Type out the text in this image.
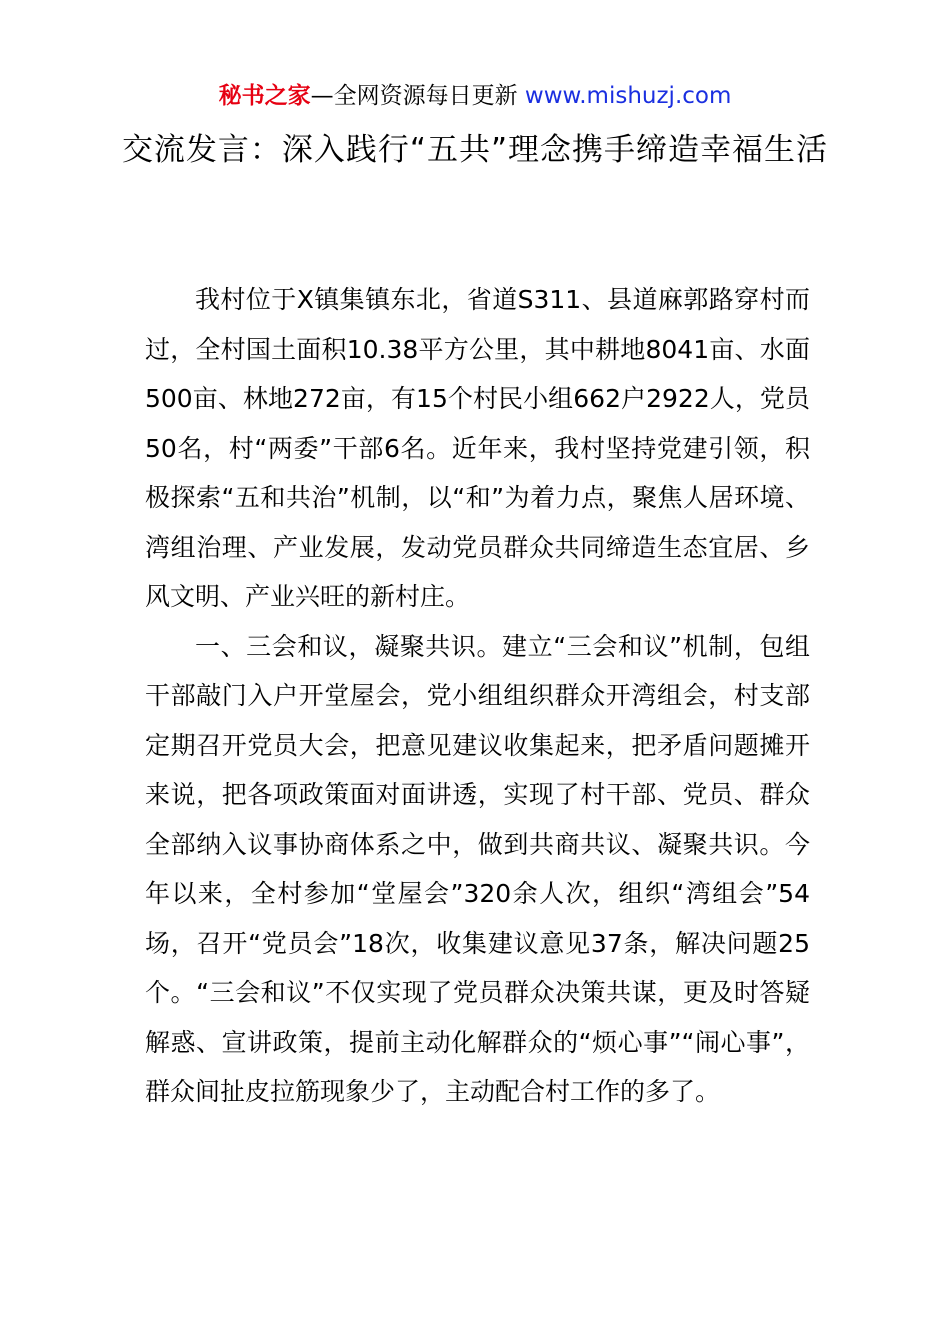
秘书之家—全网资源每日更新 www.mishuzj.com
交流发言：深入践行“五共”理念携手缔造幸福生活

我村位于X镇集镇东北，省道S311、县道麻郭路穿村而过，全村国土面积10.38平方公里，其中耕地8041亩、水面500亩、林地272亩，有15个村民小组662户2922人，党员50名，村“两委”干部6名。近年来，我村坚持党建引领，积极探索“五和共治”机制，以“和”为着力点，聚焦人居环境、湾组治理、产业发展，发动党员群众共同缔造生态宜居、乡风文明、产业兴旺的新村庄。

一、三会和议，凝聚共识。建立“三会和议”机制，包组干部敲门入户开堂屋会，党小组组织群众开湾组会，村支部定期召开党员大会，把意见建议收集起来，把矛盾问题摊开来说，把各项政策面对面讲透，实现了村干部、党员、群众全部纳入议事协商体系之中，做到共商共议、凝聚共识。今年以来，全村参加“堂屋会”320余人次，组织“湾组会”54场，召开“党员会”18次，收集建议意见37条，解决问题25个。“三会和议”不仅实现了党员群众决策共谋，更及时答疑解惑、宣讲政策，提前主动化解群众的“烦心事”“闹心事”，群众间扯皮拉筋现象少了，主动配合村工作的多了。
